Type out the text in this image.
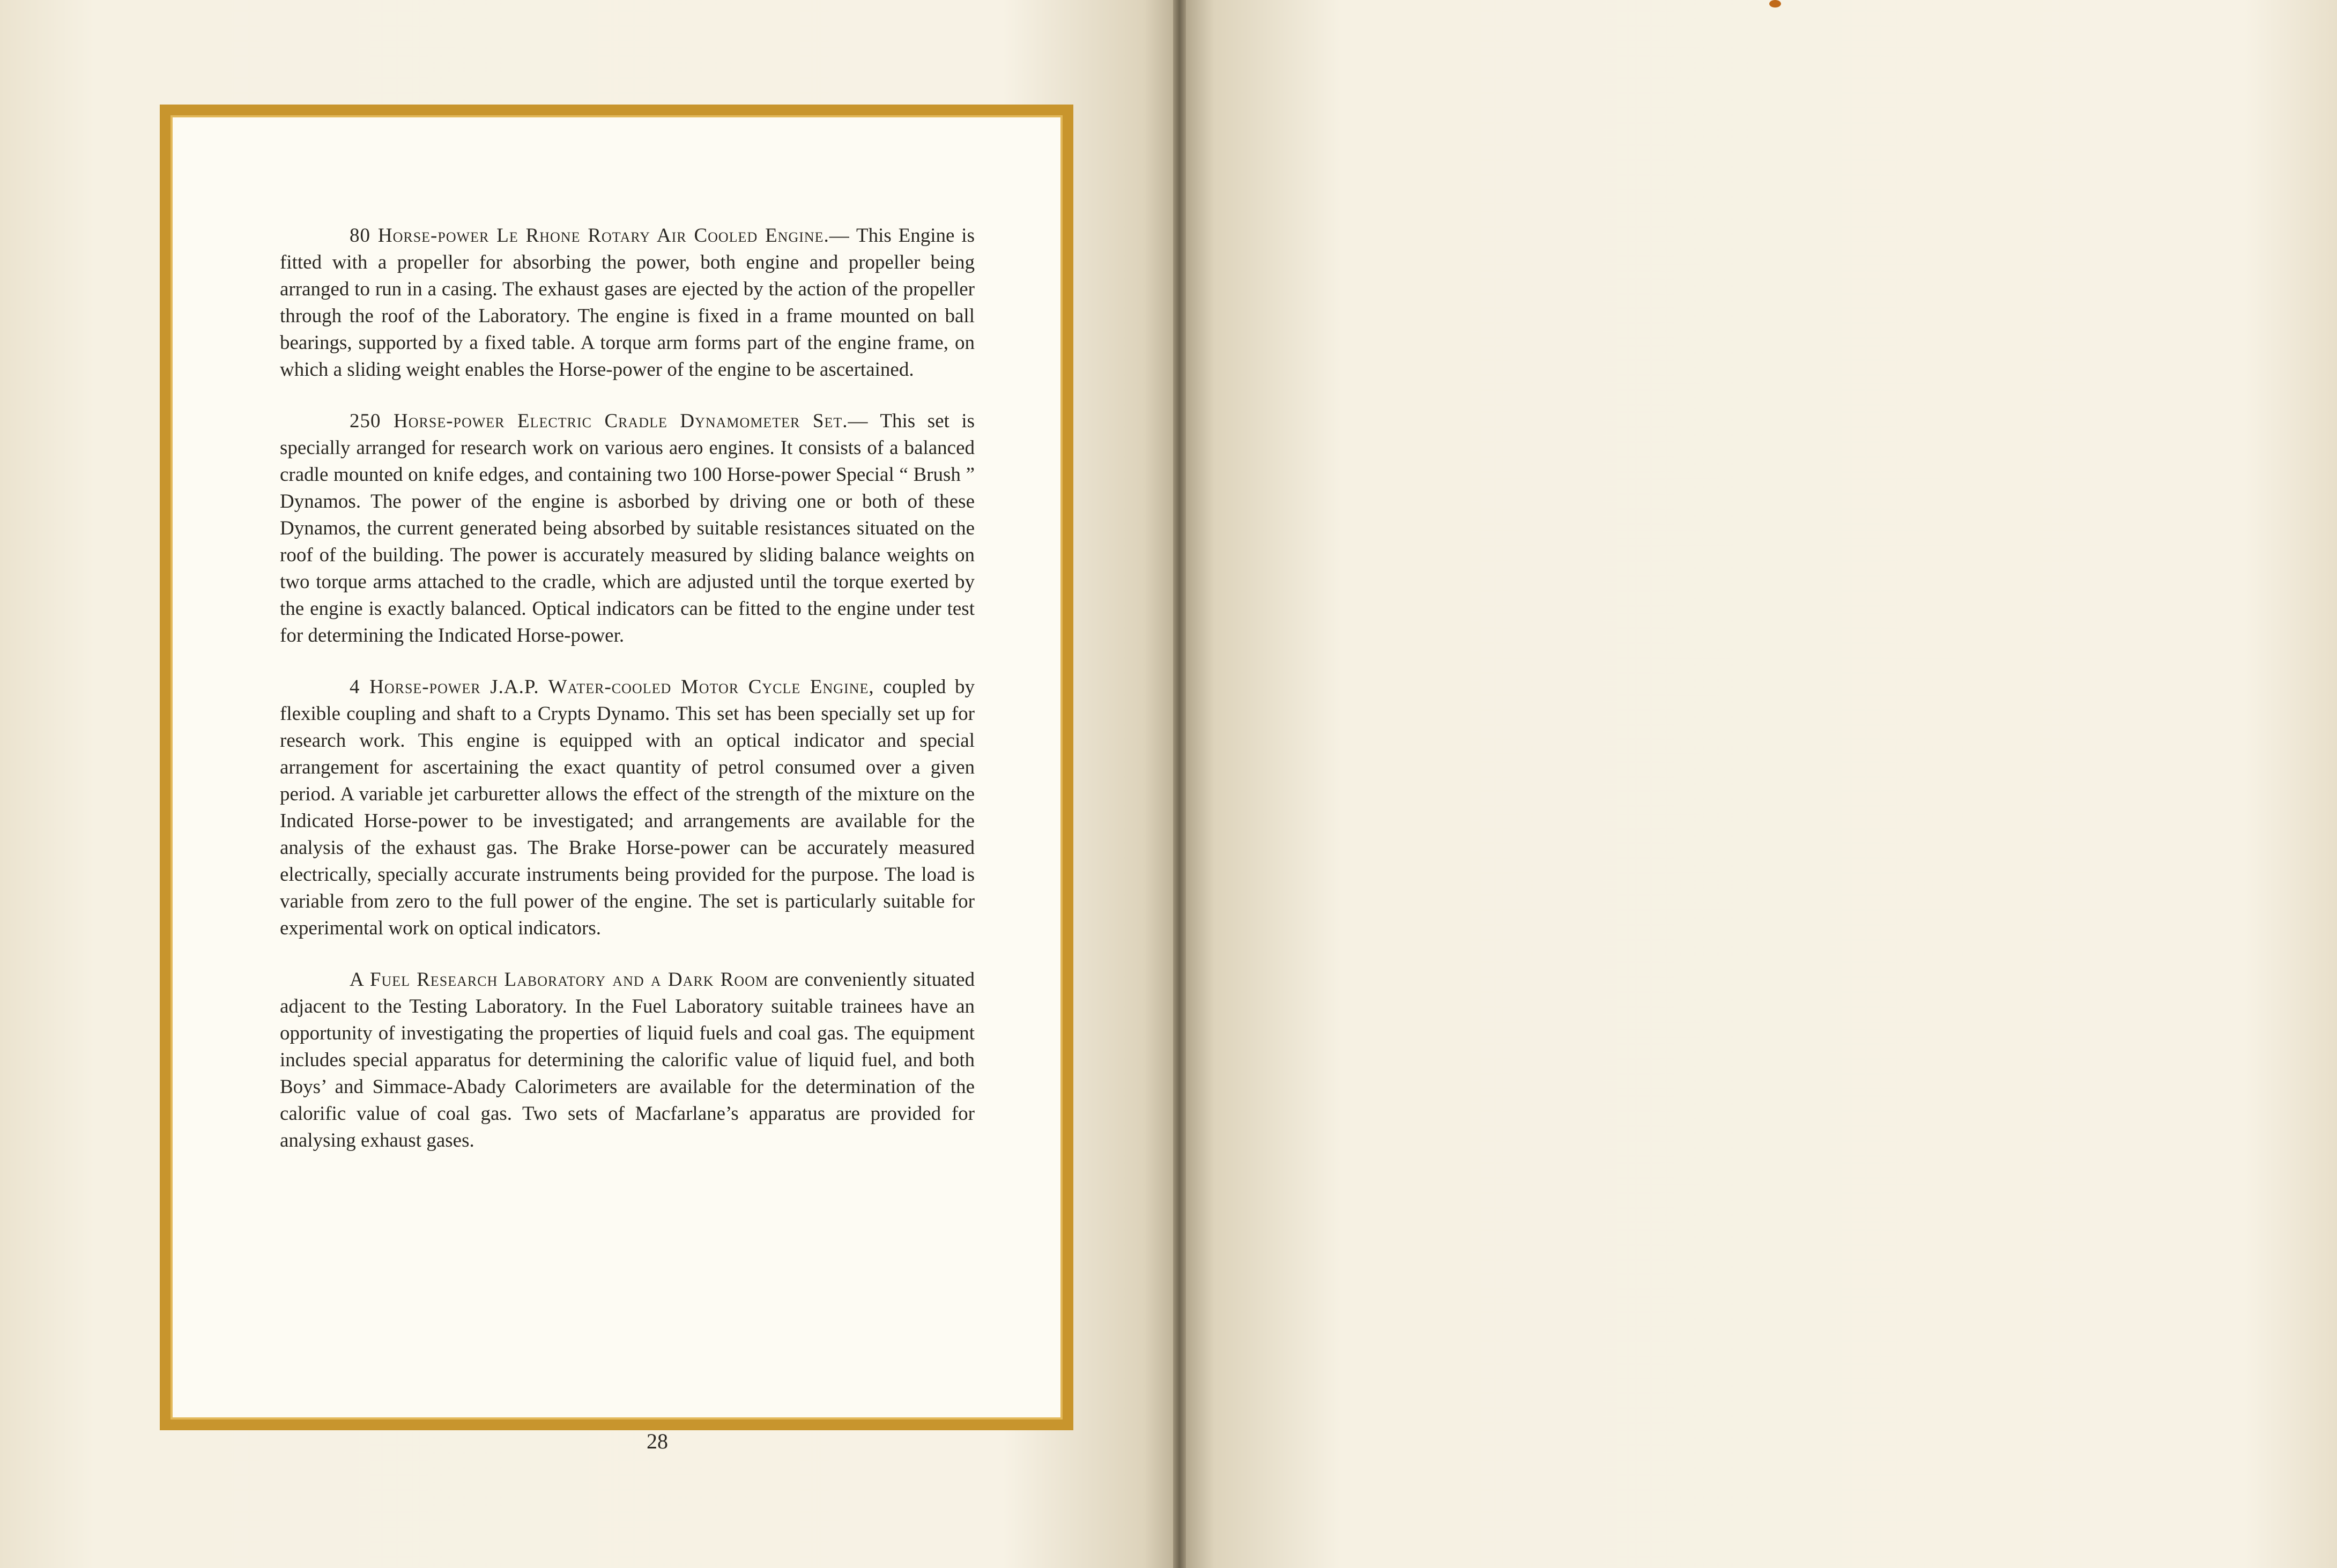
80 Horse-power Le Rhone Rotary Air Cooled Engine.— This Engine is fitted with a propeller for absorbing the power, both engine and propeller being arranged to run in a casing. The exhaust gases are ejected by the action of the propeller through the roof of the Laboratory. The engine is fixed in a frame mounted on ball bearings, supported by a fixed table. A torque arm forms part of the engine frame, on which a sliding weight enables the Horse-power of the engine to be ascertained.

250 Horse-power Electric Cradle Dynamometer Set.— This set is specially arranged for research work on various aero engines. It consists of a balanced cradle mounted on knife edges, and containing two 100 Horse-power Special “ Brush ” Dynamos. The power of the engine is asborbed by driving one or both of these Dynamos, the current generated being absorbed by suitable resistances situated on the roof of the building. The power is accurately measured by sliding balance weights on two torque arms attached to the cradle, which are adjusted until the torque exerted by the engine is exactly balanced. Optical indicators can be fitted to the engine under test for determining the Indicated Horse-power.

4 Horse-power J.A.P. Water-cooled Motor Cycle Engine, coupled by flexible coupling and shaft to a Crypts Dynamo. This set has been specially set up for research work. This engine is equipped with an optical indicator and special arrangement for ascertaining the exact quantity of petrol consumed over a given period. A variable jet carburetter allows the effect of the strength of the mixture on the Indicated Horse-power to be investigated; and arrangements are available for the analysis of the exhaust gas. The Brake Horse-power can be accurately measured electrically, specially accurate instruments being provided for the purpose. The load is variable from zero to the full power of the engine. The set is particularly suitable for experimental work on optical indicators.

A Fuel Research Laboratory and a Dark Room are conveniently situated adjacent to the Testing Laboratory. In the Fuel Laboratory suitable trainees have an opportunity of investigating the properties of liquid fuels and coal gas. The equipment includes special apparatus for determining the calorific value of liquid fuel, and both Boys’ and Simmace-Abady Calorimeters are available for the determination of the calorific value of coal gas. Two sets of Macfarlane’s apparatus are provided for analysing exhaust gases.

28
